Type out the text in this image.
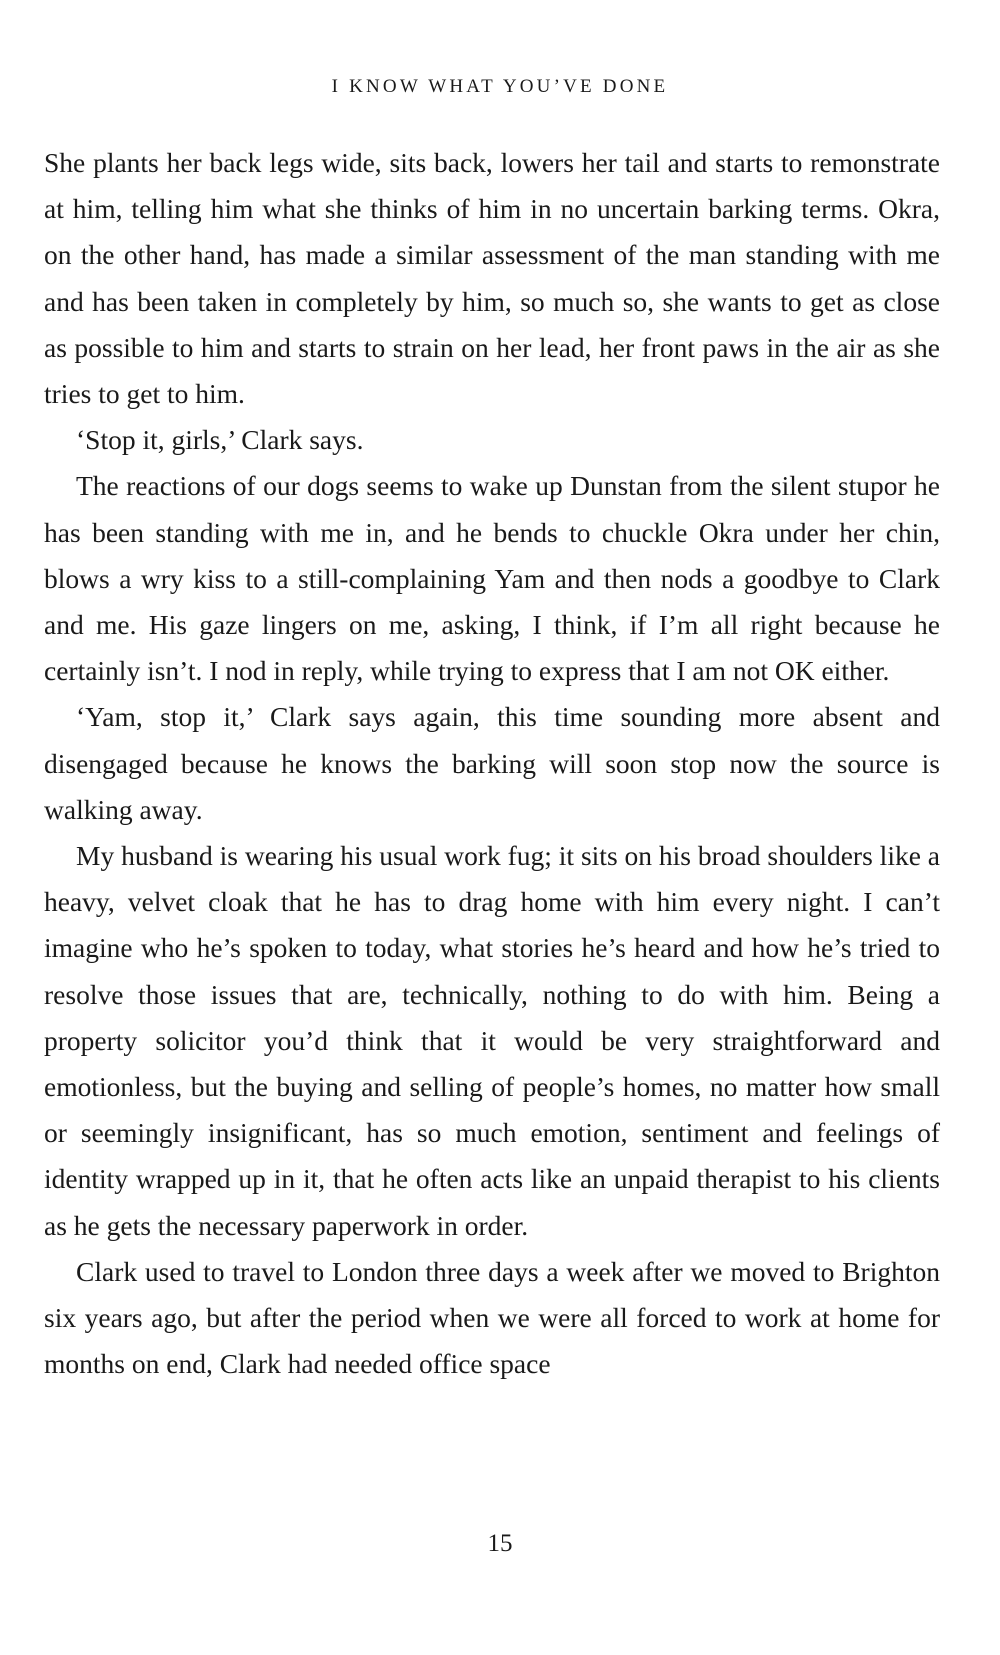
I KNOW WHAT YOU’VE DONE

She plants her back legs wide, sits back, lowers her tail and starts to remonstrate at him, telling him what she thinks of him in no uncertain barking terms. Okra, on the other hand, has made a similar assessment of the man standing with me and has been taken in completely by him, so much so, she wants to get as close as possible to him and starts to strain on her lead, her front paws in the air as she tries to get to him.

‘Stop it, girls,’ Clark says.

The reactions of our dogs seems to wake up Dunstan from the silent stupor he has been standing with me in, and he bends to chuckle Okra under her chin, blows a wry kiss to a still-complaining Yam and then nods a goodbye to Clark and me. His gaze lingers on me, asking, I think, if I’m all right because he certainly isn’t. I nod in reply, while trying to express that I am not OK either.

‘Yam, stop it,’ Clark says again, this time sounding more absent and disengaged because he knows the barking will soon stop now the source is walking away.

My husband is wearing his usual work fug; it sits on his broad shoulders like a heavy, velvet cloak that he has to drag home with him every night. I can’t imagine who he’s spoken to today, what stories he’s heard and how he’s tried to resolve those issues that are, technically, nothing to do with him. Being a property solicitor you’d think that it would be very straightforward and emotionless, but the buying and selling of people’s homes, no matter how small or seemingly insignificant, has so much emotion, sentiment and feelings of identity wrapped up in it, that he often acts like an unpaid therapist to his clients as he gets the necessary paperwork in order.

Clark used to travel to London three days a week after we moved to Brighton six years ago, but after the period when we were all forced to work at home for months on end, Clark had needed office space

15
